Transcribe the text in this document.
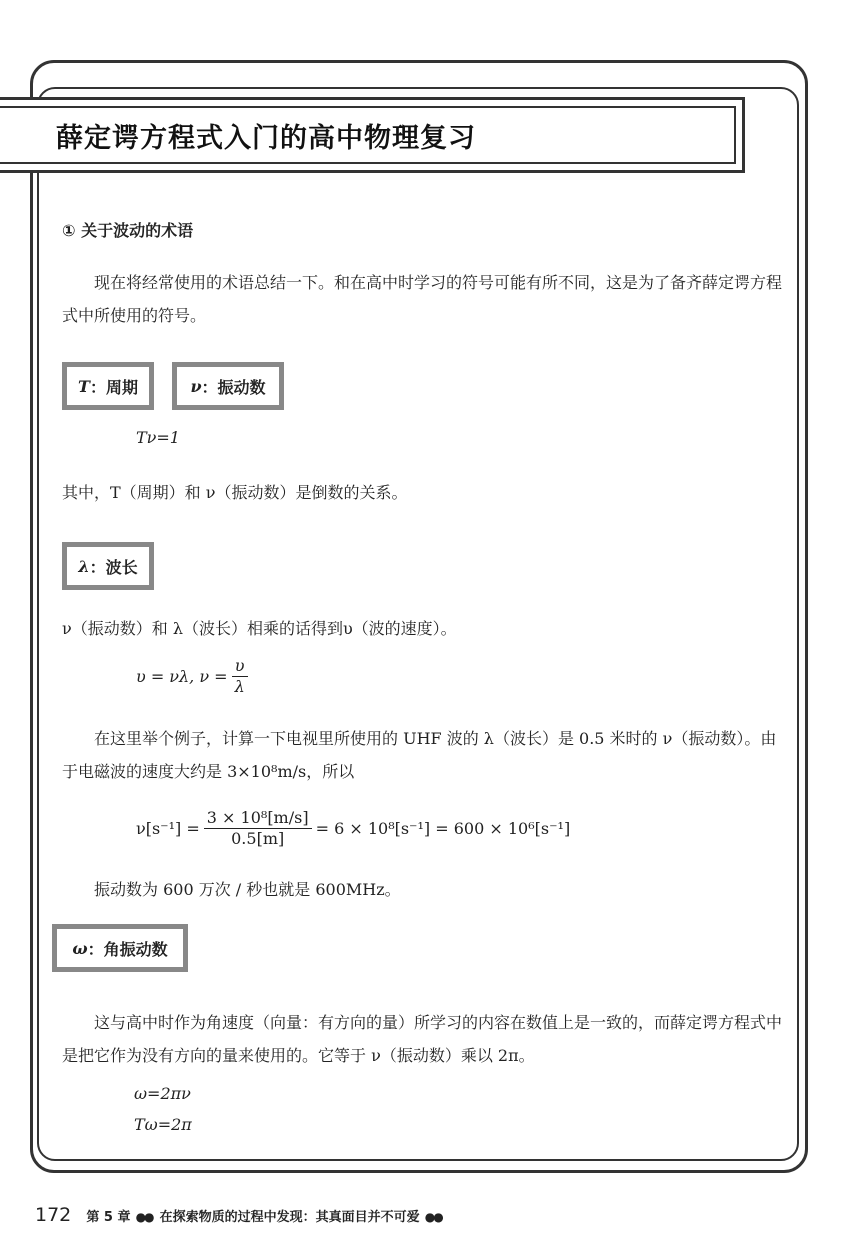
薛定谔方程式入门的高中物理复习
① 关于波动的术语
现在将经常使用的术语总结一下。和在高中时学习的符号可能有所不同，这是为了备齐薛定谔方程式中所使用的符号。
T ：周期	ν ：振动数
Tν=1
其中，T（周期）和 ν（振动数）是倒数的关系。
λ ：波长
ν（振动数）和 λ（波长）相乘的话得到υ（波的速度）。
υ = νλ, $\nu = \frac{\upsilon}{\lambda}$
在这里举个例子，计算一下电视里所使用的 UHF 波的 λ（波长）是 0.5 米时的 ν（振动数）。由于电磁波的速度大约是 3×10⁸m/s，所以
$\nu[s^{-1}] = \frac{\text{3 × 10⁸[m/s]}}{0.5[m]} = 6 \times 10^8[s^{-1}] = 600 \times 10^6[s^{-1}]$
振动数为 600 万次 / 秒也就是 600MHz。
ω ：角振动数
这与高中时作为角速度（向量：有方向的量）所学习的内容在数值上是一致的，而薛定谔方程式中是把它作为没有方向的量来使用的。它等于 ν（振动数）乘以 2π。
ω=2πν
Tω=2π
172 第 5 章 ●● 在探索物质的过程中发现：其真面目并不可爱 ●●
